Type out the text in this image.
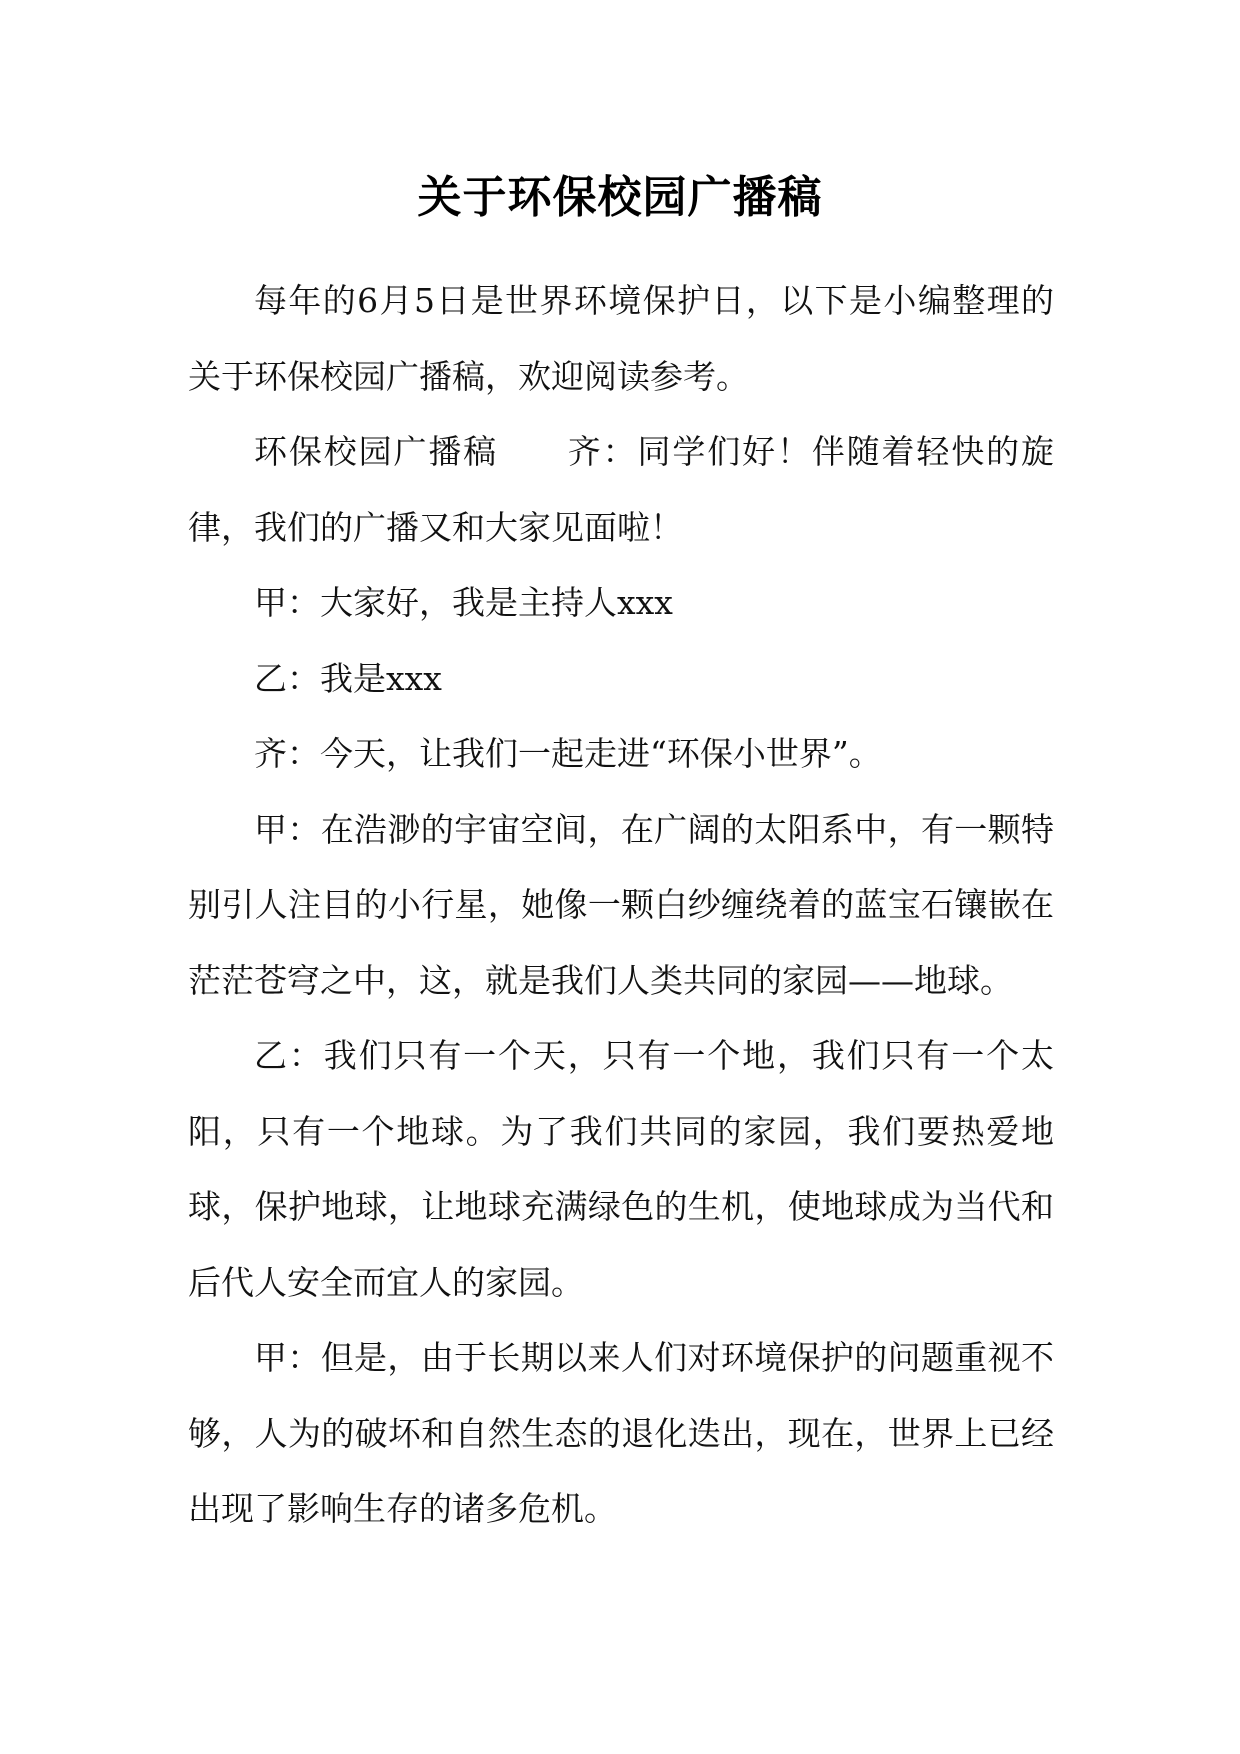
关于环保校园广播稿

每年的6月5日是世界环境保护日，以下是小编整理的关于环保校园广播稿，欢迎阅读参考。

环保校园广播稿　　齐：同学们好！伴随着轻快的旋律，我们的广播又和大家见面啦！

甲：大家好，我是主持人xxx

乙：我是xxx

齐：今天，让我们一起走进“环保小世界”。

甲：在浩渺的宇宙空间，在广阔的太阳系中，有一颗特别引人注目的小行星，她像一颗白纱缠绕着的蓝宝石镶嵌在茫茫苍穹之中，这，就是我们人类共同的家园——地球。

乙：我们只有一个天，只有一个地，我们只有一个太阳，只有一个地球。为了我们共同的家园，我们要热爱地球，保护地球，让地球充满绿色的生机，使地球成为当代和后代人安全而宜人的家园。

甲：但是，由于长期以来人们对环境保护的问题重视不够，人为的破坏和自然生态的退化迭出，现在，世界上已经出现了影响生存的诸多危机。
